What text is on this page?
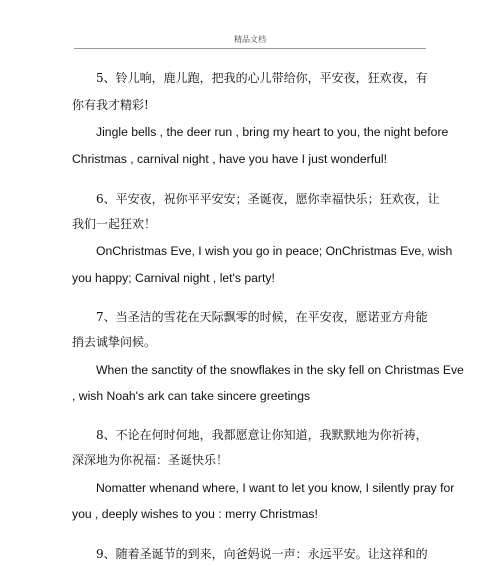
精品文档
5、铃儿响，鹿儿跑，把我的心儿带给你，平安夜，狂欢夜，有
你有我才精彩!
Jingle bells , the deer run , bring my heart to you, the night before
Christmas , carnival night , have you have I just wonderful!
6、平安夜，祝你平平安安；圣诞夜，愿你幸福快乐；狂欢夜，让
我们一起狂欢！
OnChristmas Eve, I wish you go in peace; OnChristmas Eve, wish
you happy; Carnival night , let's party!
7、当圣洁的雪花在天际飘零的时候，在平安夜，愿诺亚方舟能
捎去诚挚问候。
When the sanctity of the snowflakes in the sky fell on Christmas Eve
, wish Noah's ark can take sincere greetings
8、不论在何时何地，我都愿意让你知道，我默默地为你祈祷，
深深地为你祝福：圣诞快乐！
Nomatter whenand where, I want to let you know, I silently pray for
you , deeply wishes to you : merry Christmas!
9、随着圣诞节的到来，向爸妈说一声：永远平安。让这祥和的
